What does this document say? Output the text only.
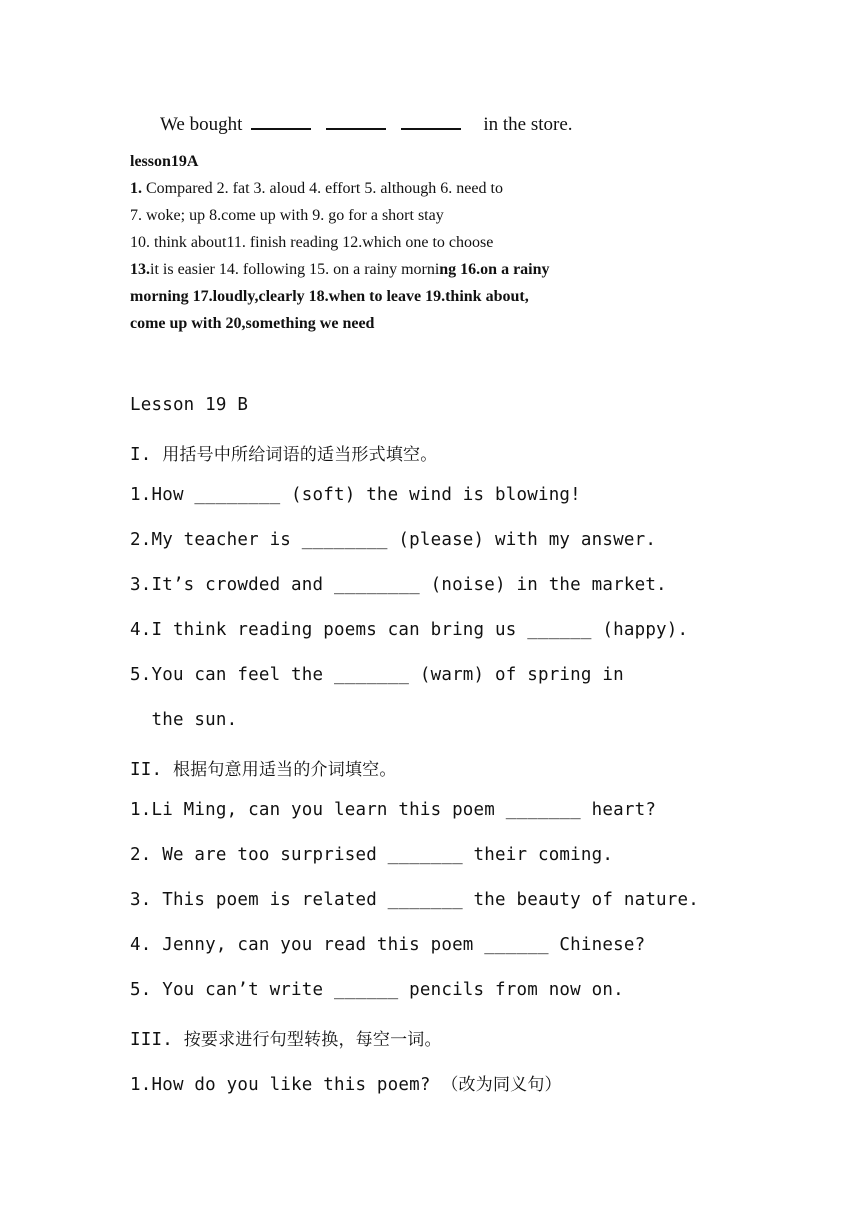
We bought	in the store.
lesson19A
1. Compared 2. fat 3. aloud 4. effort 5. although 6. need to
7. woke; up 8.come up with 9. go for a short stay
10. think about11. finish reading 12.which one to choose
13.it is easier 14. following 15. on a rainy morning 16.on a rainy
morning 17.loudly,clearly 18.when to leave 19.think about,
come up with 20,something we need
Lesson 19 B
I. 用括号中所给词语的适当形式填空。
1.How ________ (soft) the wind is blowing!
2.My teacher is ________ (please) with my answer.
3.It’s crowded and ________ (noise) in the market.
4.I think reading poems can bring us ______ (happy).
5.You can feel the _______ (warm) of spring in
the sun.
II. 根据句意用适当的介词填空。
1.Li Ming, can you learn this poem _______ heart?
2. We are too surprised _______ their coming.
3. This poem is related _______ the beauty of nature.
4. Jenny, can you read this poem ______ Chinese?
5. You can’t write ______ pencils from now on.
III. 按要求进行句型转换，每空一词。
1.How do you like this poem? （改为同义句）
